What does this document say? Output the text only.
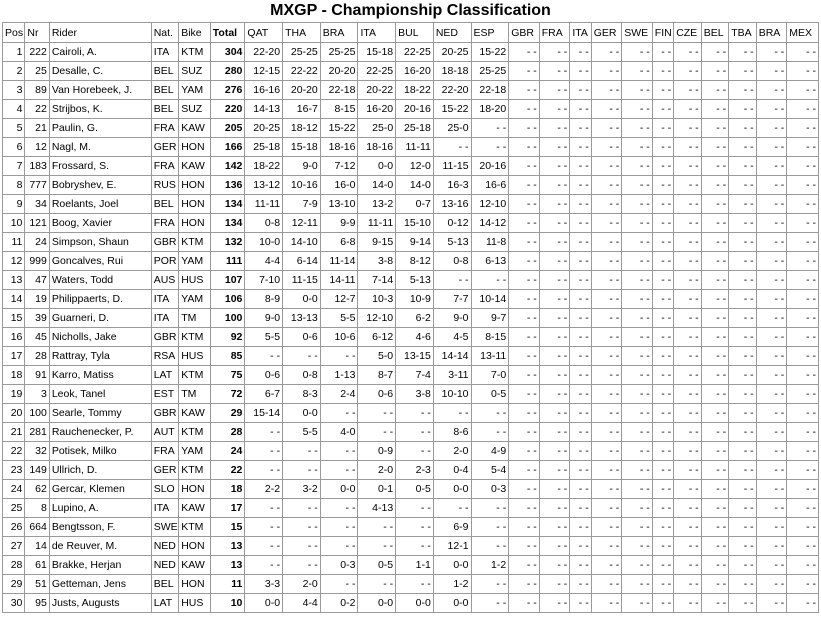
MXGP - Championship Classification
Pos	Nr	Rider	Nat.	Bike	Total	QAT	THA	BRA	ITA	BUL	NED	ESP	GBR	FRA	ITA	GER	SWE	FIN	CZE	BEL	TBA	BRA	MEX
1	222	Cairoli, A.	ITA	KTM	304	22-20	25-25	25-25	15-18	22-25	20-25	15-22	- -	- -	- -	- -	- -	- -	- -	- -	- -	- -	- -
2	25	Desalle, C.	BEL	SUZ	280	12-15	22-22	20-20	22-25	16-20	18-18	25-25	- -	- -	- -	- -	- -	- -	- -	- -	- -	- -	- -
3	89	Van Horebeek, J.	BEL	YAM	276	16-16	20-20	22-18	20-22	18-22	22-20	22-18	- -	- -	- -	- -	- -	- -	- -	- -	- -	- -	- -
4	22	Strijbos, K.	BEL	SUZ	220	14-13	16-7	8-15	16-20	20-16	15-22	18-20	- -	- -	- -	- -	- -	- -	- -	- -	- -	- -	- -
5	21	Paulin, G.	FRA	KAW	205	20-25	18-12	15-22	25-0	25-18	25-0	- -	- -	- -	- -	- -	- -	- -	- -	- -	- -	- -	- -
6	12	Nagl, M.	GER	HON	166	25-18	15-18	18-16	18-16	11-11	- -	- -	- -	- -	- -	- -	- -	- -	- -	- -	- -	- -	- -
7	183	Frossard, S.	FRA	KAW	142	18-22	9-0	7-12	0-0	12-0	11-15	20-16	- -	- -	- -	- -	- -	- -	- -	- -	- -	- -	- -
8	777	Bobryshev, E.	RUS	HON	136	13-12	10-16	16-0	14-0	14-0	16-3	16-6	- -	- -	- -	- -	- -	- -	- -	- -	- -	- -	- -
9	34	Roelants, Joel	BEL	HON	134	11-11	7-9	13-10	13-2	0-7	13-16	12-10	- -	- -	- -	- -	- -	- -	- -	- -	- -	- -	- -
10	121	Boog, Xavier	FRA	HON	134	0-8	12-11	9-9	11-11	15-10	0-12	14-12	- -	- -	- -	- -	- -	- -	- -	- -	- -	- -	- -
11	24	Simpson, Shaun	GBR	KTM	132	10-0	14-10	6-8	9-15	9-14	5-13	11-8	- -	- -	- -	- -	- -	- -	- -	- -	- -	- -	- -
12	999	Goncalves, Rui	POR	YAM	111	4-4	6-14	11-14	3-8	8-12	0-8	6-13	- -	- -	- -	- -	- -	- -	- -	- -	- -	- -	- -
13	47	Waters, Todd	AUS	HUS	107	7-10	11-15	14-11	7-14	5-13	- -	- -	- -	- -	- -	- -	- -	- -	- -	- -	- -	- -	- -
14	19	Philippaerts, D.	ITA	YAM	106	8-9	0-0	12-7	10-3	10-9	7-7	10-14	- -	- -	- -	- -	- -	- -	- -	- -	- -	- -	- -
15	39	Guarneri, D.	ITA	TM	100	9-0	13-13	5-5	12-10	6-2	9-0	9-7	- -	- -	- -	- -	- -	- -	- -	- -	- -	- -	- -
16	45	Nicholls, Jake	GBR	KTM	92	5-5	0-6	10-6	6-12	4-6	4-5	8-15	- -	- -	- -	- -	- -	- -	- -	- -	- -	- -	- -
17	28	Rattray, Tyla	RSA	HUS	85	- -	- -	- -	5-0	13-15	14-14	13-11	- -	- -	- -	- -	- -	- -	- -	- -	- -	- -	- -
18	91	Karro, Matiss	LAT	KTM	75	0-6	0-8	1-13	8-7	7-4	3-11	7-0	- -	- -	- -	- -	- -	- -	- -	- -	- -	- -	- -
19	3	Leok, Tanel	EST	TM	72	6-7	8-3	2-4	0-6	3-8	10-10	0-5	- -	- -	- -	- -	- -	- -	- -	- -	- -	- -	- -
20	100	Searle, Tommy	GBR	KAW	29	15-14	0-0	- -	- -	- -	- -	- -	- -	- -	- -	- -	- -	- -	- -	- -	- -	- -	- -
21	281	Rauchenecker, P.	AUT	KTM	28	- -	5-5	4-0	- -	- -	8-6	- -	- -	- -	- -	- -	- -	- -	- -	- -	- -	- -	- -
22	32	Potisek, Milko	FRA	YAM	24	- -	- -	- -	0-9	- -	2-0	4-9	- -	- -	- -	- -	- -	- -	- -	- -	- -	- -	- -
23	149	Ullrich, D.	GER	KTM	22	- -	- -	- -	2-0	2-3	0-4	5-4	- -	- -	- -	- -	- -	- -	- -	- -	- -	- -	- -
24	62	Gercar, Klemen	SLO	HON	18	2-2	3-2	0-0	0-1	0-5	0-0	0-3	- -	- -	- -	- -	- -	- -	- -	- -	- -	- -	- -
25	8	Lupino, A.	ITA	KAW	17	- -	- -	- -	4-13	- -	- -	- -	- -	- -	- -	- -	- -	- -	- -	- -	- -	- -	- -
26	664	Bengtsson, F.	SWE	KTM	15	- -	- -	- -	- -	- -	6-9	- -	- -	- -	- -	- -	- -	- -	- -	- -	- -	- -	- -
27	14	de Reuver, M.	NED	HON	13	- -	- -	- -	- -	- -	12-1	- -	- -	- -	- -	- -	- -	- -	- -	- -	- -	- -	- -
28	61	Brakke, Herjan	NED	KAW	13	- -	- -	0-3	0-5	1-1	0-0	1-2	- -	- -	- -	- -	- -	- -	- -	- -	- -	- -	- -
29	51	Getteman, Jens	BEL	HON	11	3-3	2-0	- -	- -	- -	1-2	- -	- -	- -	- -	- -	- -	- -	- -	- -	- -	- -	- -
30	95	Justs, Augusts	LAT	HUS	10	0-0	4-4	0-2	0-0	0-0	0-0	- -	- -	- -	- -	- -	- -	- -	- -	- -	- -	- -	- -
